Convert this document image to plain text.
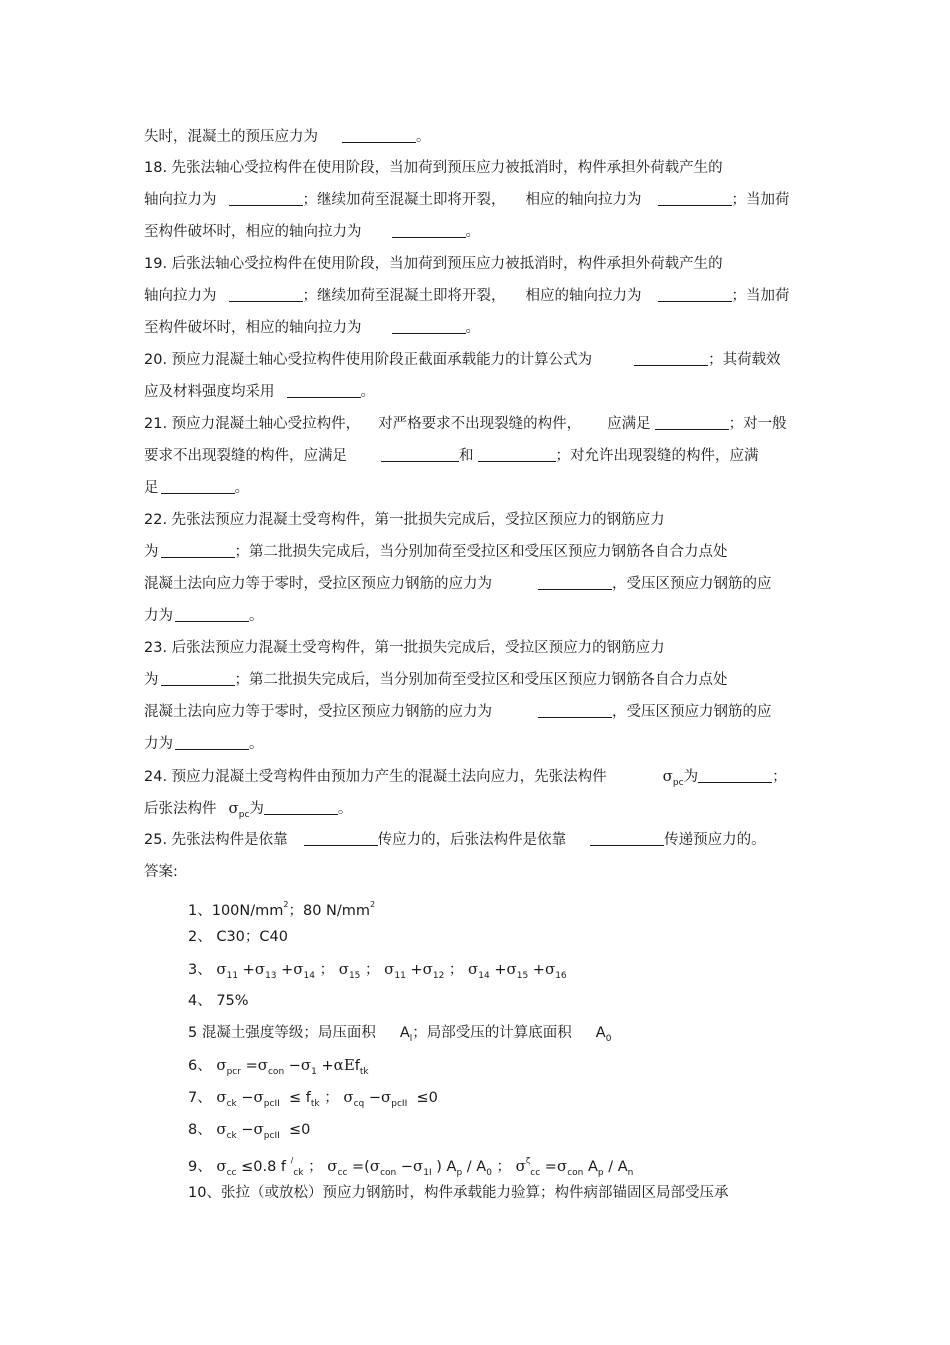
失时，混凝土的预压应力为	。
18. 先张法轴心受拉构件在使用阶段，当加荷到预压应力被抵消时，构件承担外荷载产生的
轴向拉力为	；继续加荷至混凝土即将开裂， 相应的轴向拉力为	；当加荷
至构件破坏时，相应的轴向拉力为	。
19. 后张法轴心受拉构件在使用阶段，当加荷到预压应力被抵消时，构件承担外荷载产生的
轴向拉力为	；继续加荷至混凝土即将开裂， 相应的轴向拉力为	；当加荷
至构件破坏时，相应的轴向拉力为	。
20. 预应力混凝土轴心受拉构件使用阶段正截面承载能力的计算公式为	；其荷载效
应及材料强度均采用	。
21. 预应力混凝土轴心受拉构件， 对严格要求不出现裂缝的构件， 应满足	；对一般
要求不出现裂缝的构件，应满足	和	；对允许出现裂缝的构件，应满
足	。
22. 先张法预应力混凝土受弯构件，第一批损失完成后，受拉区预应力的钢筋应力
为	；第二批损失完成后，当分别加荷至受拉区和受压区预应力钢筋各自合力点处
混凝土法向应力等于零时，受拉区预应力钢筋的应力为	，受压区预应力钢筋的应
力为	。
23. 后张法预应力混凝土受弯构件，第一批损失完成后，受拉区预应力的钢筋应力
为	；第二批损失完成后，当分别加荷至受拉区和受压区预应力钢筋各自合力点处
混凝土法向应力等于零时，受拉区预应力钢筋的应力为	，受压区预应力钢筋的应
力为	。
24. 预应力混凝土受弯构件由预加力产生的混凝土法向应力，先张法构件	$\sigma_{pc}$为	；
后张法构件 $\sigma_{pc}$为	。
25. 先张法构件是依靠	传应力的，后张法构件是依靠	传递预应力的。
答案:
1、$100N/mm^2$；80 $N/mm^2$
2、 C30；C40
3、 $\sigma_{11} +\sigma_{13} +\sigma_{14}$ ； $\sigma_{15}$ ； $\sigma_{11} +\sigma_{12}$ ； $\sigma_{14} +\sigma_{15} +\sigma_{16}$
4、 75%
5 混凝土强度等级；局压面积 $A_l$；局部受压的计算底面积 $A_0$
6、 $\sigma_{pcr} =\sigma_{con} -\sigma_1 +\alpha Ef_{tk}$
7、 $\sigma_{ck} -\sigma_{pcII} \le f_{tk}$ ； $\sigma_{cq} -\sigma_{pcII} \le 0$
8、 $\sigma_{ck} -\sigma_{pcII} \le 0$
9、 $\sigma_{cc} \le 0.8$ f /$_{ck}$ ； $\sigma_{cc} =(\sigma_{con} -\sigma_{1I}$ ) $A_p / A_0$ ； $\sigma^\zeta_{cc} =\sigma_{con}$ $A_p / A_n$
10、张拉（或放松）预应力钢筋时，构件承载能力验算；构件病部锚固区局部受压承
